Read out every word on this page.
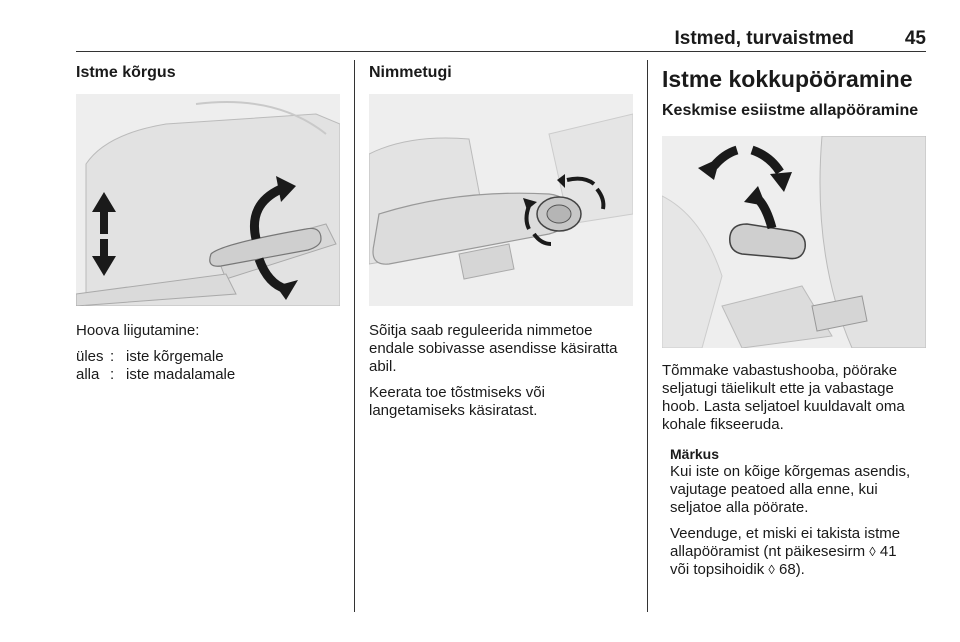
Istmed, turvaistmed	45
Istme kõrgus

Hoova liigutamine:

üles : iste kõrgemale
alla : iste madalamale
Nimmetugi

Sõitja saab reguleerida nimmetoe endale sobivasse asendisse käsiratta abil.

Keerata toe tõstmiseks või langetamiseks käsiratast.

Istme kokkupööramine
Keskmise esiistme allapööramine

Tõmmake vabastushooba, pöörake seljatugi täielikult ette ja vabastage hoob. Lasta seljatoel kuuldavalt oma kohale fikseeruda.

Märkus

Kui iste on kõige kõrgemas asendis, vajutage peatoed alla enne, kui seljatoe alla pöörate.

Veenduge, et miski ei takista istme allapööramist (nt päikesesirm ◊ 41
või topsihoidik ◊ 68).
